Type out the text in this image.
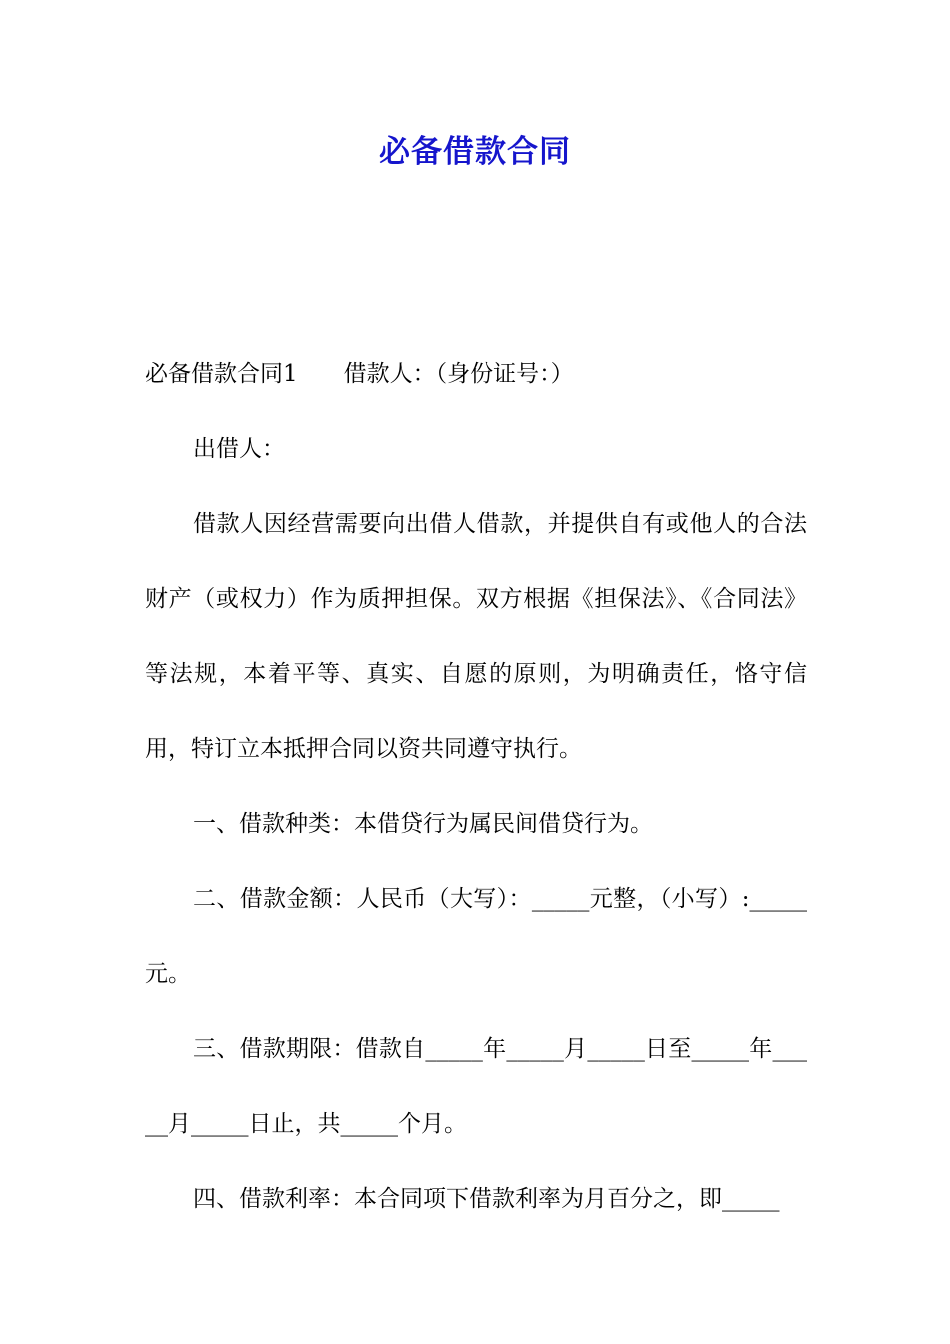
必备借款合同

必备借款合同1 借款人：（身份证号：）

出借人：

借款人因经营需要向出借人借款，并提供自有或他人的合法财产（或权力）作为质押担保。双方根据《担保法》、《合同法》等法规，本着平等、真实、自愿的原则，为明确责任，恪守信用，特订立本抵押合同以资共同遵守执行。

一、借款种类：本借贷行为属民间借贷行为。

二、借款金额：人民币（大写）：_____元整，（小写）:_____元。

三、借款期限：借款自_____年_____月_____日至_____年_____月_____日止，共_____个月。

四、借款利率：本合同项下借款利率为月百分之，即_____
